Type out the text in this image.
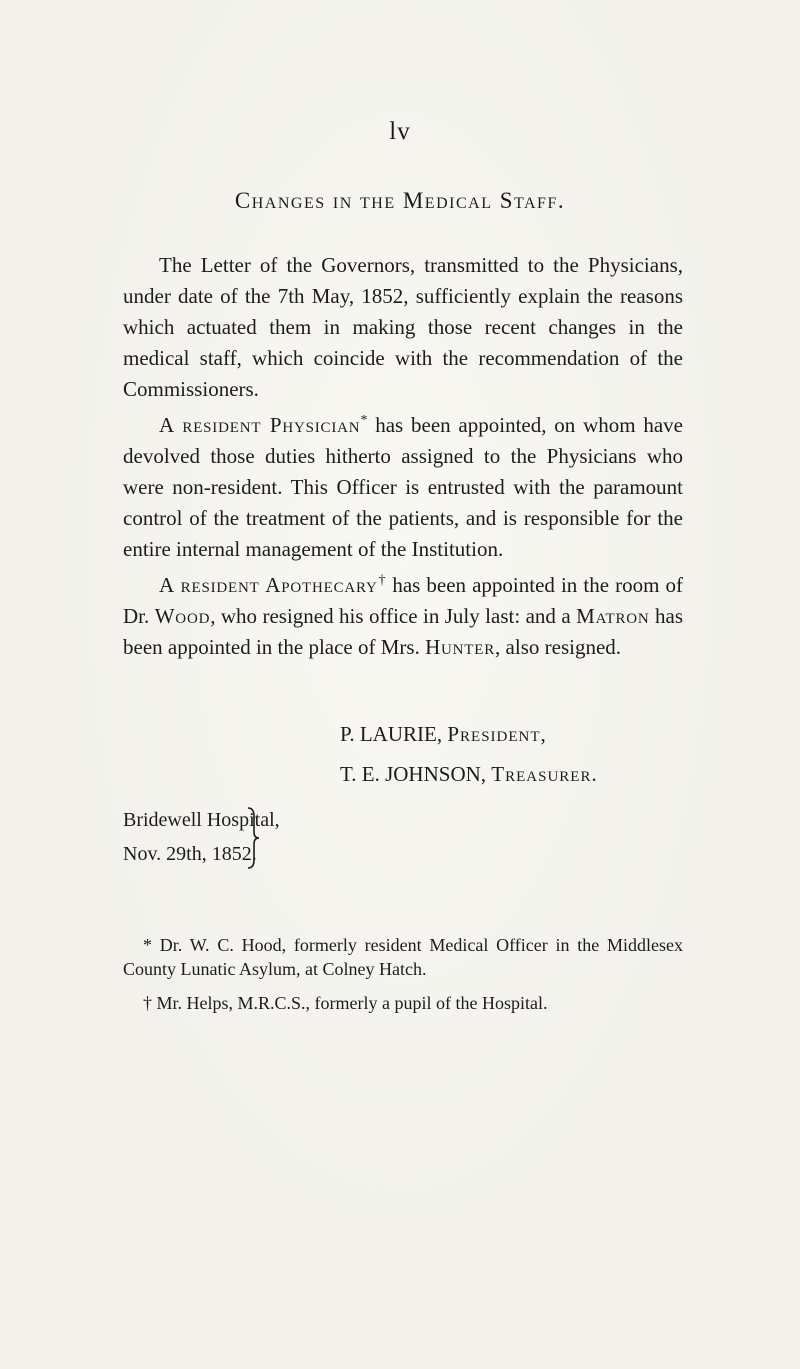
lv
Changes in the Medical Staff.

The Letter of the Governors, transmitted to the Physicians, under date of the 7th May, 1852, sufficiently explain the reasons which actuated them in making those recent changes in the medical staff, which coincide with the recommendation of the Commissioners.

A resident Physician* has been appointed, on whom have devolved those duties hitherto assigned to the Physicians who were non-resident. This Officer is entrusted with the paramount control of the treatment of the patients, and is responsible for the entire internal management of the Institution.

A resident Apothecary† has been appointed in the room of Dr. Wood, who resigned his office in July last: and a Matron has been appointed in the place of Mrs. Hunter, also resigned.

P. LAURIE, President,
T. E. JOHNSON, Treasurer.
Bridewell Hospital,
Nov. 29th, 1852.

* Dr. W. C. Hood, formerly resident Medical Officer in the Middlesex County Lunatic Asylum, at Colney Hatch.

† Mr. Helps, M.R.C.S., formerly a pupil of the Hospital.
